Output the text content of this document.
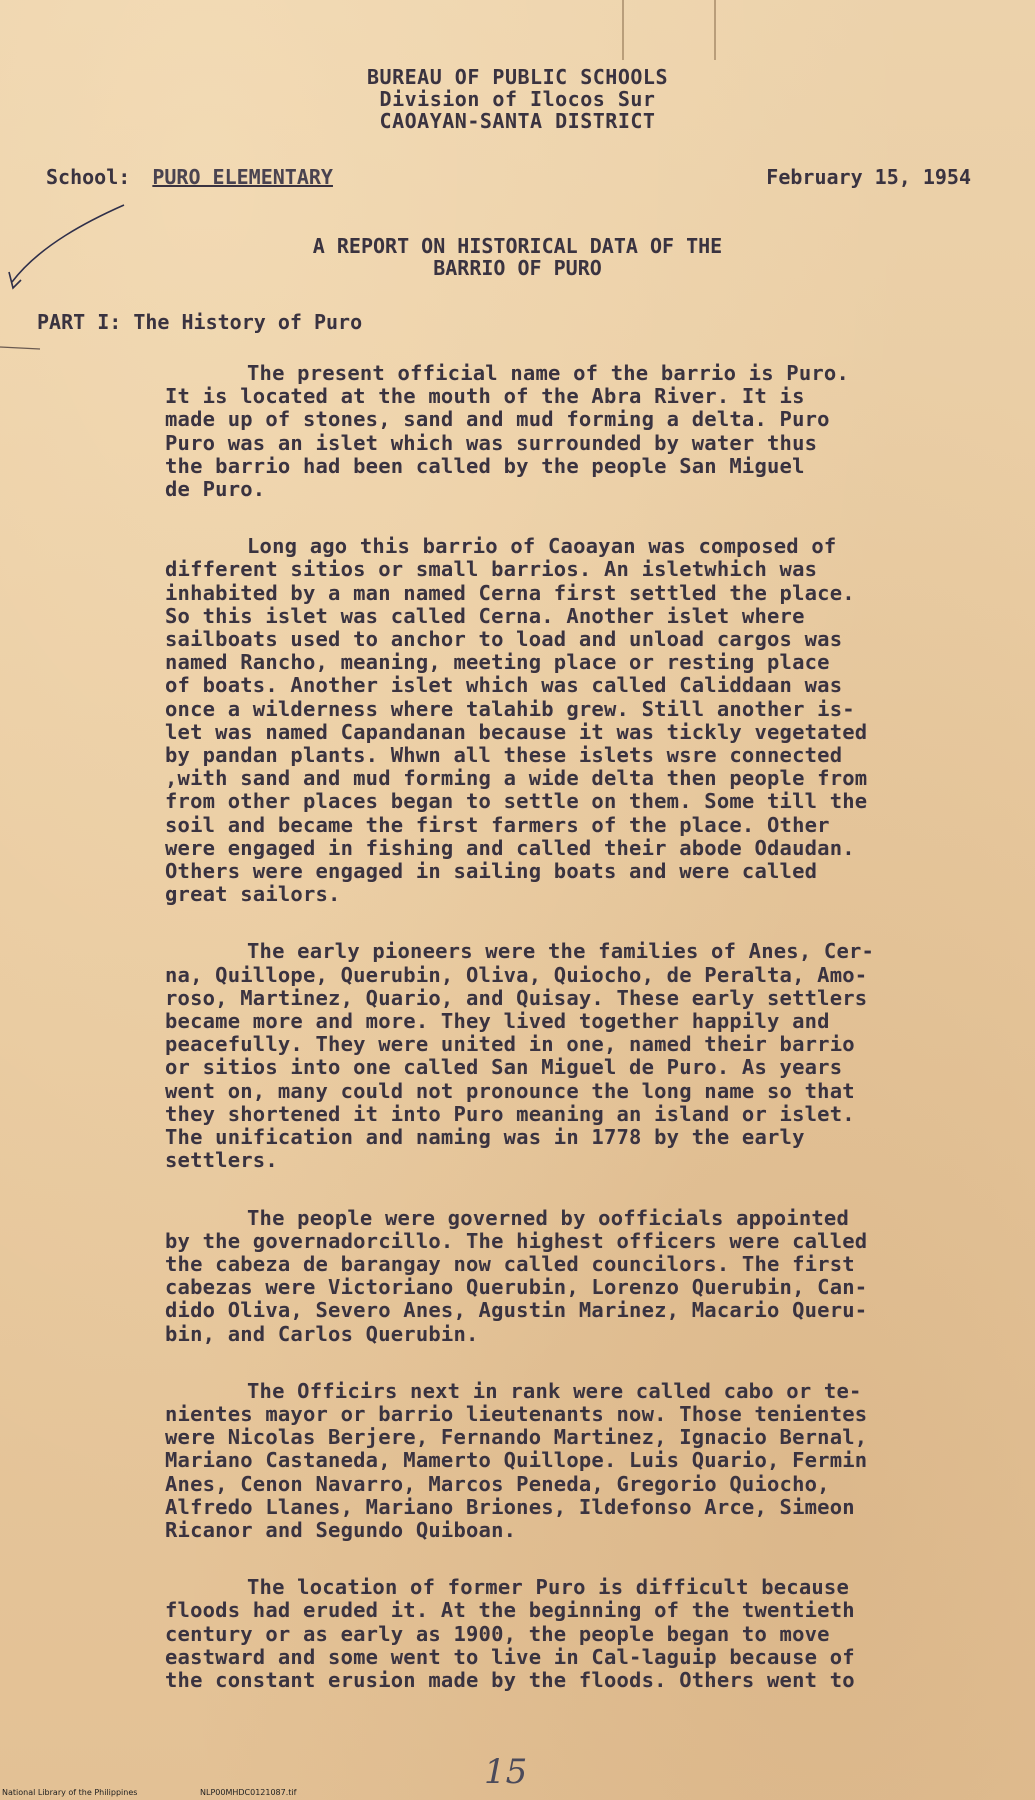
BUREAU OF PUBLIC SCHOOLS
Division of Ilocos Sur
CAOAYAN-SANTA DISTRICT
School: PURO ELEMENTARY	February 15, 1954
A REPORT ON HISTORICAL DATA OF THE
BARRIO OF PURO
PART I: The History of Puro
The present official name of the barrio is Puro.
It is located at the mouth of the Abra River. It is
made up of stones, sand and mud forming a delta. Puro
Puro was an islet which was surrounded by water thus
the barrio had been called by the people San Miguel
de Puro.
Long ago this barrio of Caoayan was composed of
different sitios or small barrios. An isletwhich was
inhabited by a man named Cerna first settled the place.
So this islet was called Cerna. Another islet where
sailboats used to anchor to load and unload cargos was
named Rancho, meaning, meeting place or resting place
of boats. Another islet which was called Caliddaan was
once a wilderness where talahib grew. Still another is-
let was named Capandanan because it was tickly vegetated
by pandan plants. Whwn all these islets wsre connected
,with sand and mud forming a wide delta then people from
from other places began to settle on them. Some till the
soil and became the first farmers of the place. Other
were engaged in fishing and called their abode Odaudan.
Others were engaged in sailing boats and were called
great sailors.
The early pioneers were the families of Anes, Cer-
na, Quillope, Querubin, Oliva, Quiocho, de Peralta, Amo-
roso, Martinez, Quario, and Quisay. These early settlers
became more and more. They lived together happily and
peacefully. They were united in one, named their barrio
or sitios into one called San Miguel de Puro. As years
went on, many could not pronounce the long name so that
they shortened it into Puro meaning an island or islet.
The unification and naming was in 1778 by the early
settlers.
The people were governed by oofficials appointed
by the governadorcillo. The highest officers were called
the cabeza de barangay now called councilors. The first
cabezas were Victoriano Querubin, Lorenzo Querubin, Can-
dido Oliva, Severo Anes, Agustin Marinez, Macario Queru-
bin, and Carlos Querubin.
The Officirs next in rank were called cabo or te-
nientes mayor or barrio lieutenants now. Those tenientes
were Nicolas Berjere, Fernando Martinez, Ignacio Bernal,
Mariano Castaneda, Mamerto Quillope. Luis Quario, Fermin
Anes, Cenon Navarro, Marcos Peneda, Gregorio Quiocho,
Alfredo Llanes, Mariano Briones, Ildefonso Arce, Simeon
Ricanor and Segundo Quiboan.
The location of former Puro is difficult because
floods had eruded it. At the beginning of the twentieth
century or as early as 1900, the people began to move
eastward and some went to live in Cal-laguip because of
the constant erusion made by the floods. Others went to
15
National Library of the Philippines	NLP00MHDC0121087.tif
